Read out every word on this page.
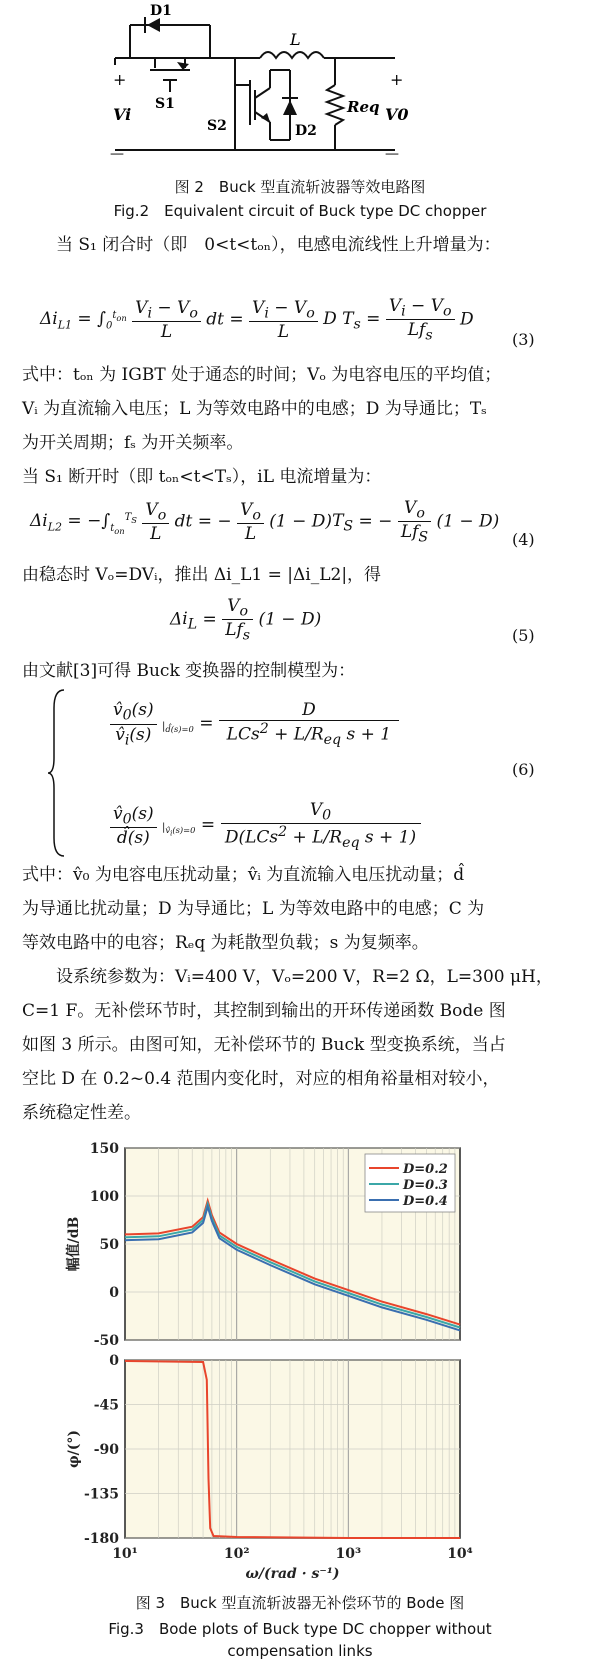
D1
S1
S2	D2
L
Req
Vi	V0
+	+
—	—
图 2　Buck 型直流斩波器等效电路图
Fig.2　Equivalent circuit of Buck type DC chopper
当 S₁ 闭合时（即　0<t<tₒₙ），电感电流线性上升增量为：
$\Delta i_{L1} = \int_0^{t_{on}} \frac{V_i - V_o}{L}$ dt = $\frac{V_i - V_o}{L}$ D $T_s = \frac{V_i - V_o}{Lf_s}$ D
(3)
式中：tₒₙ 为 IGBT 处于通态的时间；Vₒ 为电容电压的平均值；
Vᵢ 为直流输入电压；L 为等效电路中的电感；D 为导通比；Tₛ
为开关周期；fₛ 为开关频率。
当 S₁ 断开时（即 tₒₙ<t<Tₛ），iL 电流增量为：
$\Delta i_{L2} = -\int_{t_{on}}^{T_S} \frac{V_o}{L}$ dt = − $\frac{V_o}{L} (1 - D)T_S$ = − $\frac{V_o}{Lf_S} (1 - D)$
(4)
由稳态时 Vₒ=DVᵢ，推出 Δi_L1 = |Δi_L2|，得
$\Delta i_L = \frac{V_o}{Lf_s} (1 - D)$
(5)
由文献[3]可得 Buck 变换器的控制模型为：
$\frac{v̂_0(s)}{v̂_i(s)} |_{d̂(s)=0} = \frac{D}{LCs^2 + L/R_{eq} s + 1}$
(6)
$\frac{v̂_0(s)}{d̂(s)} |_{v̂_i(s)=0} = \frac{V_0}{D(LCs^2 + L/R_{eq} s + 1)}$
式中：v̂₀ 为电容电压扰动量；v̂ᵢ 为直流输入电压扰动量；d̂
为导通比扰动量；D 为导通比；L 为等效电路中的电感；C 为
等效电路中的电容；Rₑq 为耗散型负载；s 为复频率。
　　设系统参数为：Vᵢ=400 V，Vₒ=200 V，R=2 Ω，L=300 μH，
C=1 F。无补偿环节时，其控制到输出的开环传递函数 Bode 图
如图 3 所示。由图可知，无补偿环节的 Buck 型变换系统，当占
空比 D 在 0.2~0.4 范围内变化时，对应的相角裕量相对较小，
系统稳定性差。
150
100
50
0
-50
幅值/dB
D=0.2
D=0.3
D=0.4
0
-45
-90
-135
-180
φ/(°)
10¹	10²	10³	10⁴
ω/(rad · s⁻¹)
图 3　Buck 型直流斩波器无补偿环节的 Bode 图
Fig.3　Bode plots of Buck type DC chopper without
compensation links
